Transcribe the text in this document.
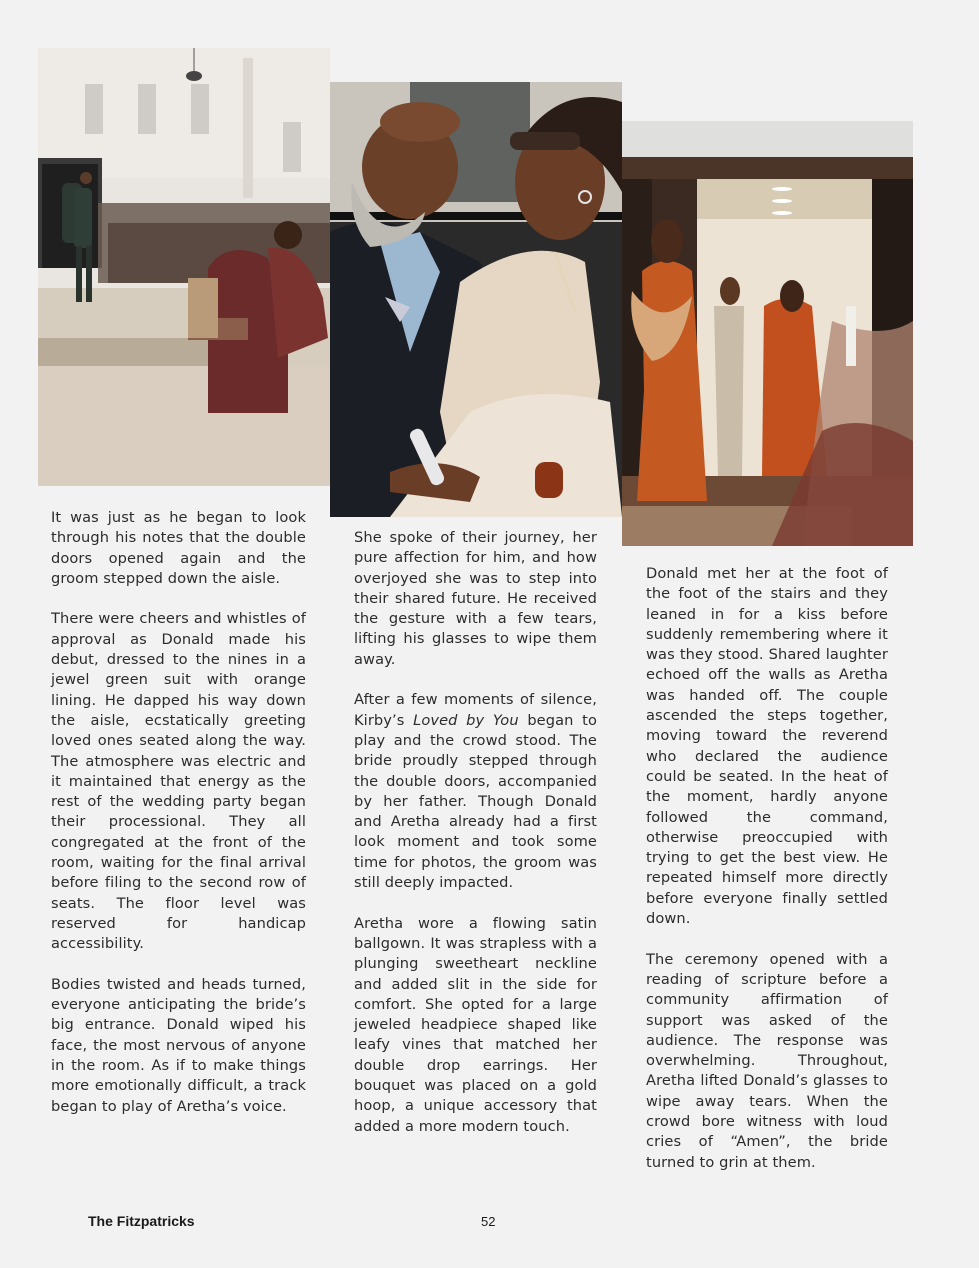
It was just as he began to look through his notes that the double doors opened again and the groom stepped down the aisle.

There were cheers and whistles of approval as Donald made his debut, dressed to the nines in a jewel green suit with orange lining. He dapped his way down the aisle, ecstatically greeting loved ones seated along the way. The atmosphere was electric and it maintained that energy as the rest of the wedding party began their processional. They all congregated at the front of the room, waiting for the final arrival before filing to the second row of seats. The floor level was reserved for handicap accessibility.

Bodies twisted and heads turned, everyone anticipating the bride’s big entrance. Donald wiped his face, the most nervous of anyone in the room. As if to make things more emotionally difficult, a track began to play of Aretha’s voice.

She spoke of their journey, her pure affection for him, and how overjoyed she was to step into their shared future. He received the gesture with a few tears, lifting his glasses to wipe them away.

After a few moments of silence, Kirby’s Loved by You began to play and the crowd stood. The bride proudly stepped through the double doors, accompanied by her father. Though Donald and Aretha already had a first look moment and took some time for photos, the groom was still deeply impacted.

Aretha wore a flowing satin ballgown. It was strapless with a plunging sweetheart neckline and added slit in the side for comfort. She opted for a large jeweled headpiece shaped like leafy vines that matched her double drop earrings. Her bouquet was placed on a gold hoop, a unique accessory that added a more modern touch.

Donald met her at the foot of the foot of the stairs and they leaned in for a kiss before suddenly remembering where it was they stood. Shared laughter echoed off the walls as Aretha was handed off. The couple ascended the steps together, moving toward the reverend who declared the audience could be seated. In the heat of the moment, hardly anyone followed the command, otherwise preoccupied with trying to get the best view. He repeated himself more directly before everyone finally settled down.

The ceremony opened with a reading of scripture before a community affirmation of support was asked of the audience. The response was overwhelming. Throughout, Aretha lifted Donald’s glasses to wipe away tears. When the crowd bore witness with loud cries of “Amen”, the bride turned to grin at them.

The Fitzpatricks	52
